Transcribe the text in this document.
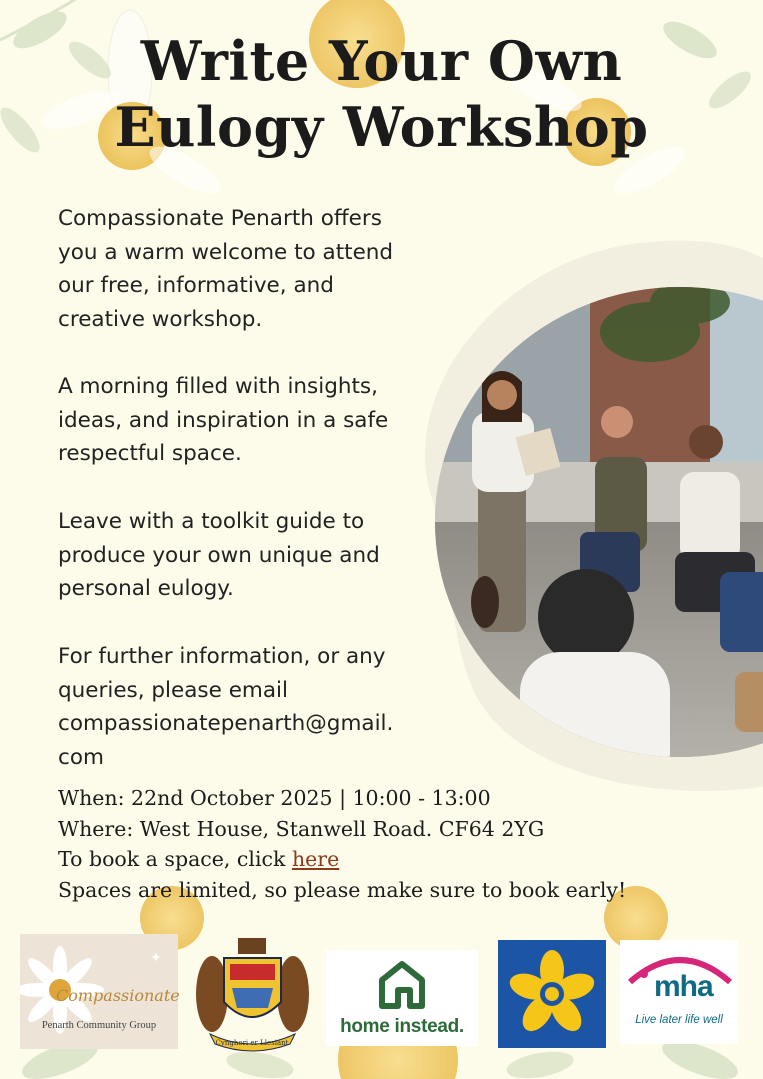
Write Your Own
Eulogy Workshop
Compassionate Penarth offers
you a warm welcome to attend
our free, informative, and
creative workshop.
A morning filled with insights,
ideas, and inspiration in a safe
respectful space.
Leave with a toolkit guide to
produce your own unique and
personal eulogy.
For further information, or any
queries, please email
compassionatepenarth@gmail.
com
When: 22nd October 2025 | 10:00 - 13:00
Where: West House, Stanwell Road. CF64 2YG
To book a space, click here
Spaces are limited, so please make sure to book early!
✦
Compassionate
Penarth Community Group
Cynghori er Llesiant
home instead.
mha
Live later life well
